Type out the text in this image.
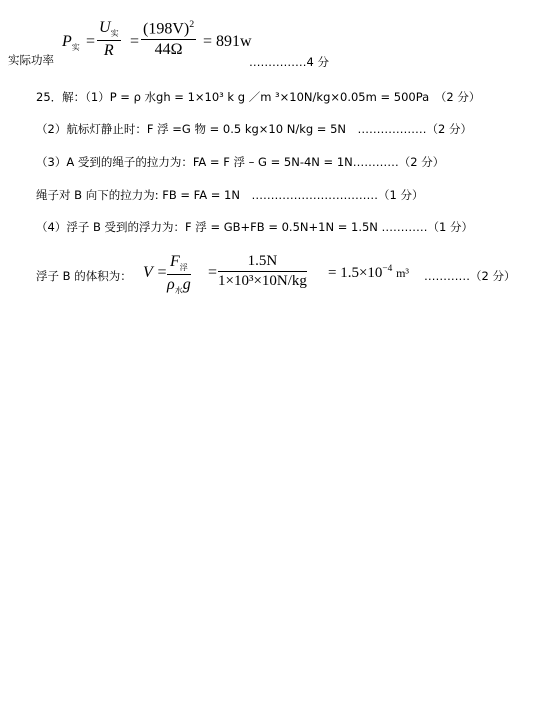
实际功率
$P_实$ =
$U_实$
R
=
$(198V)^2$
44Ω = 891w
……………4 分
25．解：（1）P = ρ 水gh = 1×10³ k g ／m ³×10N/kg×0.05m = 500Pa　（2 分）
（2）航标灯静止时：F 浮 =G 物 = 0.5 kg×10 N/kg = 5N　………………（2 分）
（3）A 受到的绳子的拉力为：FA = F 浮 – G = 5N-4N = 1N…………（2 分）
绳子对 B 向下的拉力为: FB = FA = 1N　……………………………（1 分）
（4）浮子 B 受到的浮力为：F 浮 = GB+FB = 0.5N+1N = 1.5N …………（1 分）
浮子 B 的体积为： V =
$F_浮$
$\rho_水g$
=
1.5N
$1\times 10^3\times 10N/kg = 1.5\times 10^{-4}$ m³ …………（2 分）
